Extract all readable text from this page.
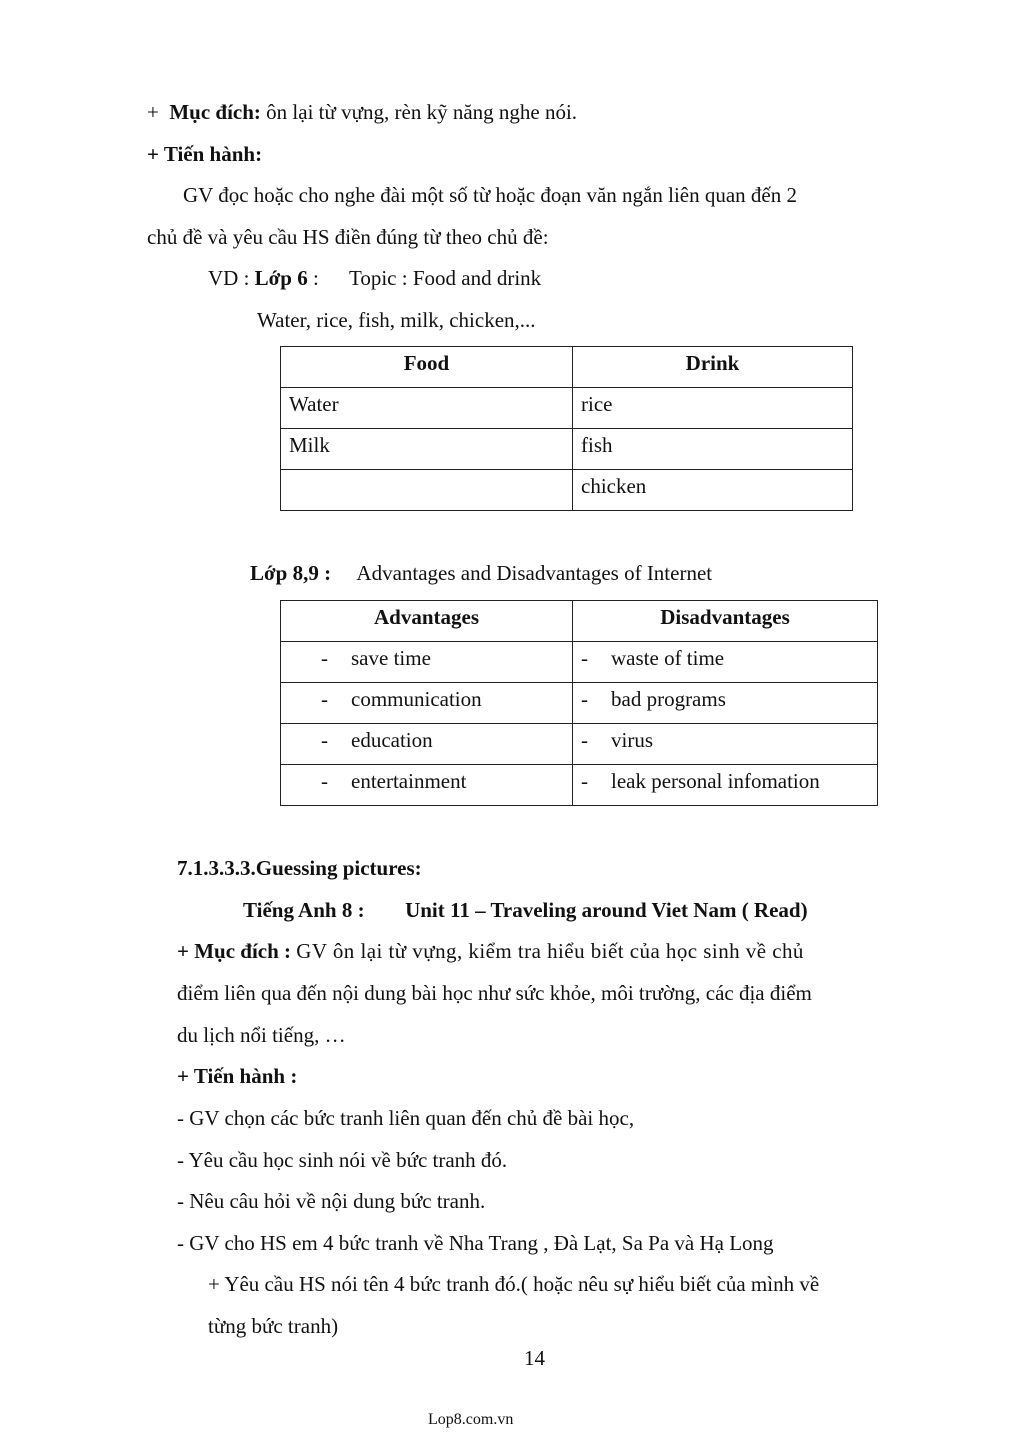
+ Mục đích: ôn lại từ vựng, rèn kỹ năng nghe nói.
+ Tiến hành:
GV đọc hoặc cho nghe đài một số từ hoặc đoạn văn ngắn liên quan đến 2
chủ đề và yêu cầu HS điền đúng từ theo chủ đề:
VD : Lớp 6 : Topic : Food and drink
Water, rice, fish, milk, chicken,...
Food	Drink
Water	rice
Milk	fish
	chicken
Lớp 8,9 : Advantages and Disadvantages of Internet
Advantages	Disadvantages
- save time	- waste of time
- communication	- bad programs
- education	- virus
- entertainment	- leak personal infomation
7.1.3.3.3.Guessing pictures:
Tiếng Anh 8 : Unit 11 – Traveling around Viet Nam ( Read)
+ Mục đích : GV ôn lại từ vựng, kiểm tra hiểu biết của học sinh về chủ
điểm liên qua đến nội dung bài học như sức khỏe, môi trường, các địa điểm
du lịch nổi tiếng, …
+ Tiến hành :
- GV chọn các bức tranh liên quan đến chủ đề bài học,
- Yêu cầu học sinh nói về bức tranh đó.
- Nêu câu hỏi về nội dung bức tranh.
- GV cho HS em 4 bức tranh về Nha Trang , Đà Lạt, Sa Pa và Hạ Long
+ Yêu cầu HS nói tên 4 bức tranh đó.( hoặc nêu sự hiểu biết của mình về
từng bức tranh)
14
Lop8.com.vn
